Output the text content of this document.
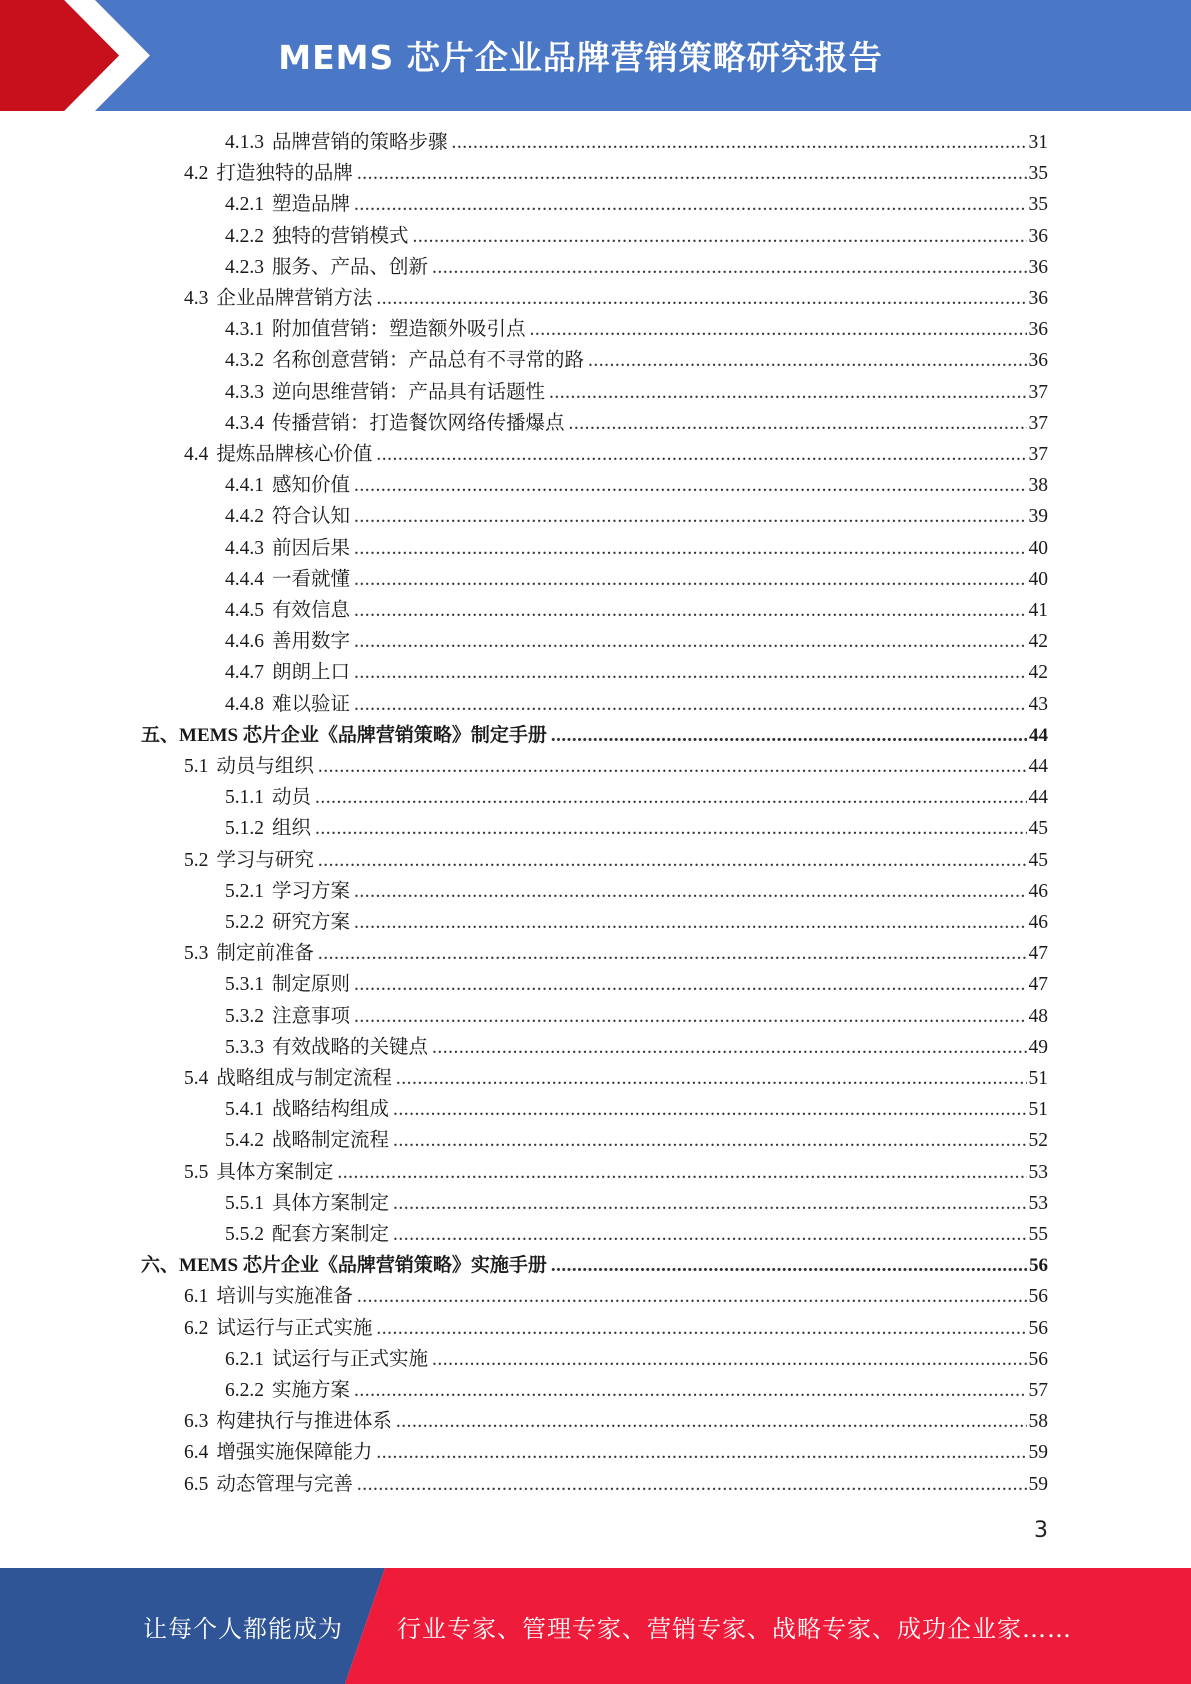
MEMS 芯片企业品牌营销策略研究报告
4.1.3 品牌营销的策略步骤 .....	31
4.2 打造独特的品牌 .....	35
4.2.1 塑造品牌 .....	35
4.2.2 独特的营销模式 .....	36
4.2.3 服务、产品、创新 .....	36
4.3 企业品牌营销方法 .....	36
4.3.1 附加值营销：塑造额外吸引点 .....	36
4.3.2 名称创意营销：产品总有不寻常的路 .....	36
4.3.3 逆向思维营销：产品具有话题性 .....	37
4.3.4 传播营销：打造餐饮网络传播爆点 .....	37
4.4 提炼品牌核心价值 .....	37
4.4.1 感知价值 .....	38
4.4.2 符合认知 .....	39
4.4.3 前因后果 .....	40
4.4.4 一看就懂 .....	40
4.4.5 有效信息 .....	41
4.4.6 善用数字 .....	42
4.4.7 朗朗上口 .....	42
4.4.8 难以验证 .....	43
五、 MEMS 芯片企业《品牌营销策略》制定手册 .....	44
5.1 动员与组织 .....	44
5.1.1 动员 .....	44
5.1.2 组织 .....	45
5.2 学习与研究 .....	45
5.2.1 学习方案 .....	46
5.2.2 研究方案 .....	46
5.3 制定前准备 .....	47
5.3.1 制定原则 .....	47
5.3.2 注意事项 .....	48
5.3.3 有效战略的关键点 .....	49
5.4 战略组成与制定流程 .....	51
5.4.1 战略结构组成 .....	51
5.4.2 战略制定流程 .....	52
5.5 具体方案制定 .....	53
5.5.1 具体方案制定 .....	53
5.5.2 配套方案制定 .....	55
六、 MEMS 芯片企业《品牌营销策略》实施手册 .....	56
6.1 培训与实施准备 .....	56
6.2 试运行与正式实施 .....	56
6.2.1 试运行与正式实施 .....	56
6.2.2 实施方案 .....	57
6.3 构建执行与推进体系 .....	58
6.4 增强实施保障能力 .....	59
6.5 动态管理与完善 .....	59
3
让每个人都能成为 行业专家、管理专家、营销专家、战略专家、成功企业家……
